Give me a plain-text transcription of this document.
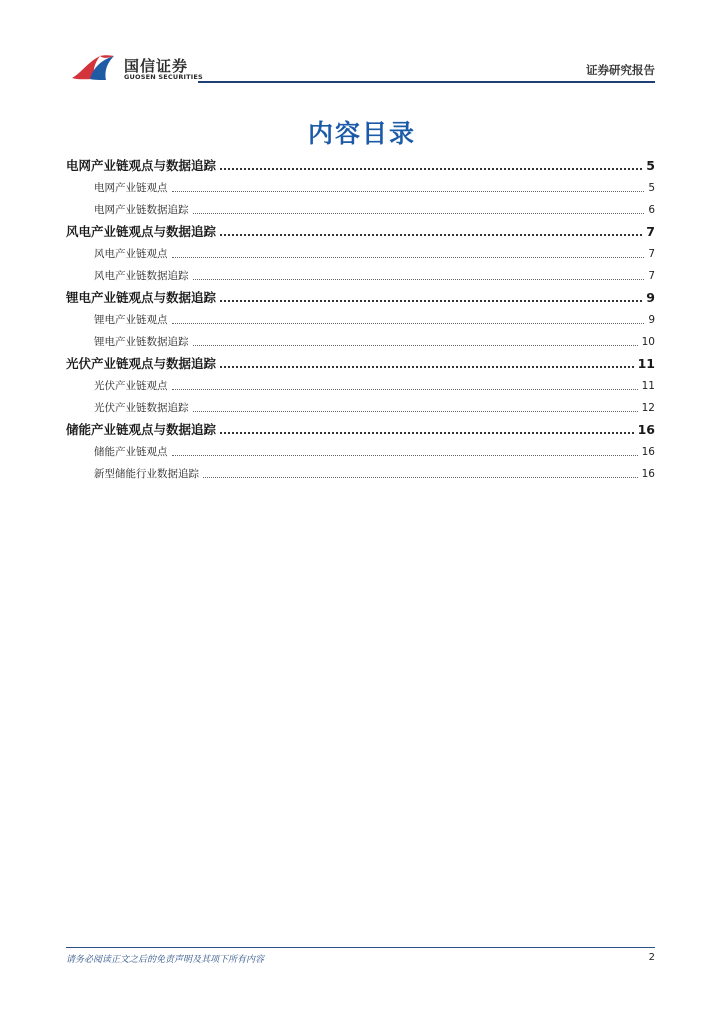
国信证券
GUOSEN SECURITIES	证券研究报告
内容目录
电网产业链观点与数据追踪	5
电网产业链观点	5
电网产业链数据追踪	6
风电产业链观点与数据追踪	7
风电产业链观点	7
风电产业链数据追踪	7
锂电产业链观点与数据追踪	9
锂电产业链观点	9
锂电产业链数据追踪	10
光伏产业链观点与数据追踪	11
光伏产业链观点	11
光伏产业链数据追踪	12
储能产业链观点与数据追踪	16
储能产业链观点	16
新型储能行业数据追踪	16
请务必阅读正文之后的免责声明及其项下所有内容	2
